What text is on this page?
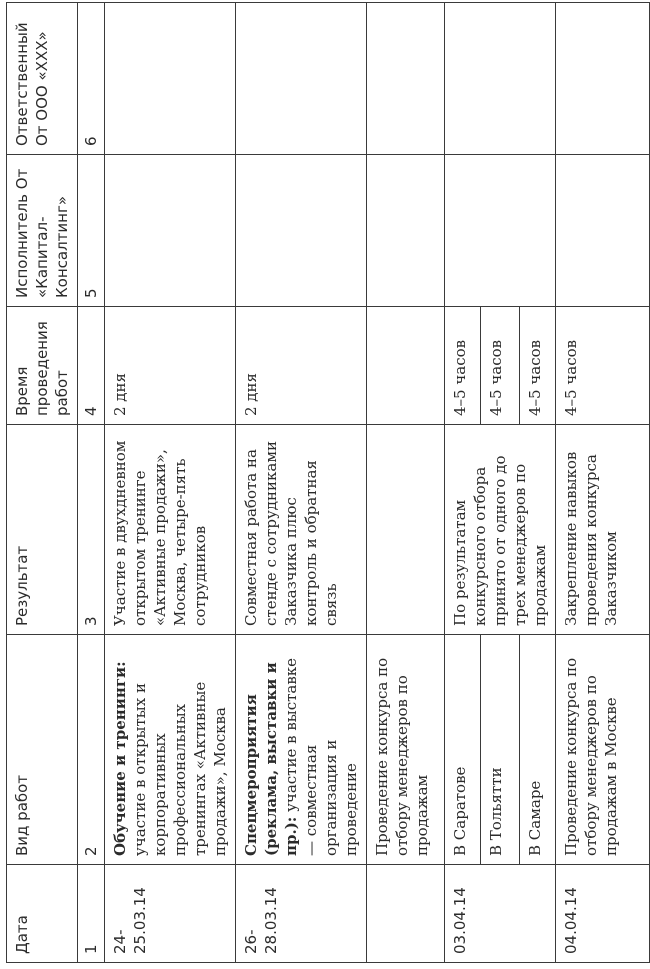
Дата	Вид работ	Результат	Время проведения работ	Исполнитель От «Капитал-Консалтинг»	Ответственный От ООО «ХХХ»
1	2	3	4	5	6
24-25.03.14	Обучение и тренинги: участие в открытых и корпоративных профессиональных тренингах «Активные продажи», Москва	Участие в двухдневном открытом тренинге «Активные продажи», Москва, четыре-пять сотрудников	2 дня		
26-28.03.14	Спецмероприятия (реклама, выставки и пр.): участие в выставке — совместная организация и проведение	Совместная работа на стенде с сотрудниками Заказчика плюс контроль и обратная связь	2 дня		
	Проведение конкурса по отбору менеджеров по продажам				
03.04.14	В Саратове	По результатам конкурсного отбора принято от одного до трех менеджеров по продажам	4–5 часов		
	В Тольятти		4–5 часов		
	В Самаре		4–5 часов		
04.04.14	Проведение конкурса по отбору менеджеров по продажам в Москве	Закрепление навыков проведения конкурса Заказчиком	4–5 часов		
